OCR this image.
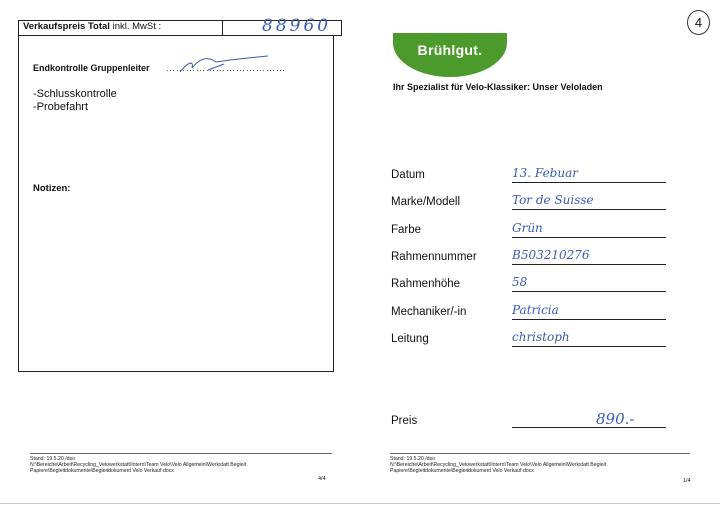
Verkaufspreis Total inkl. MwSt :	88960
Endkontrolle Gruppenleiter ………………………………
-Schlusskontrolle
-Probefahrt
Notizen:
Stand: 19.5.20 /dso
N:\Bereiche\Arbeit\Recycling_Velowerkstatt\Intern\Team Velo\Velo Allgemein\Werkstatt Begleit
Papiere\Begleitdokumente\Begleitdokument Velo Verkauf.docx
4/4
4
Brühlgut.
Ihr Spezialist für Velo-Klassiker: Unser Veloladen
Datum	13. Febuar
Marke/Modell	Tor de Suisse
Farbe	Grün
Rahmennummer	B503210276
Rahmenhöhe	58
Mechaniker/-in	Patricia
Leitung	christoph
Preis	890.-
Stand: 19.5.20 /dso
N:\Bereiche\Arbeit\Recycling_Velowerkstatt\Intern\Team Velo\Velo Allgemein\Werkstatt Begleit
Papiere\Begleitdokumente\Begleitdokument Velo Verkauf.docx
1/4
